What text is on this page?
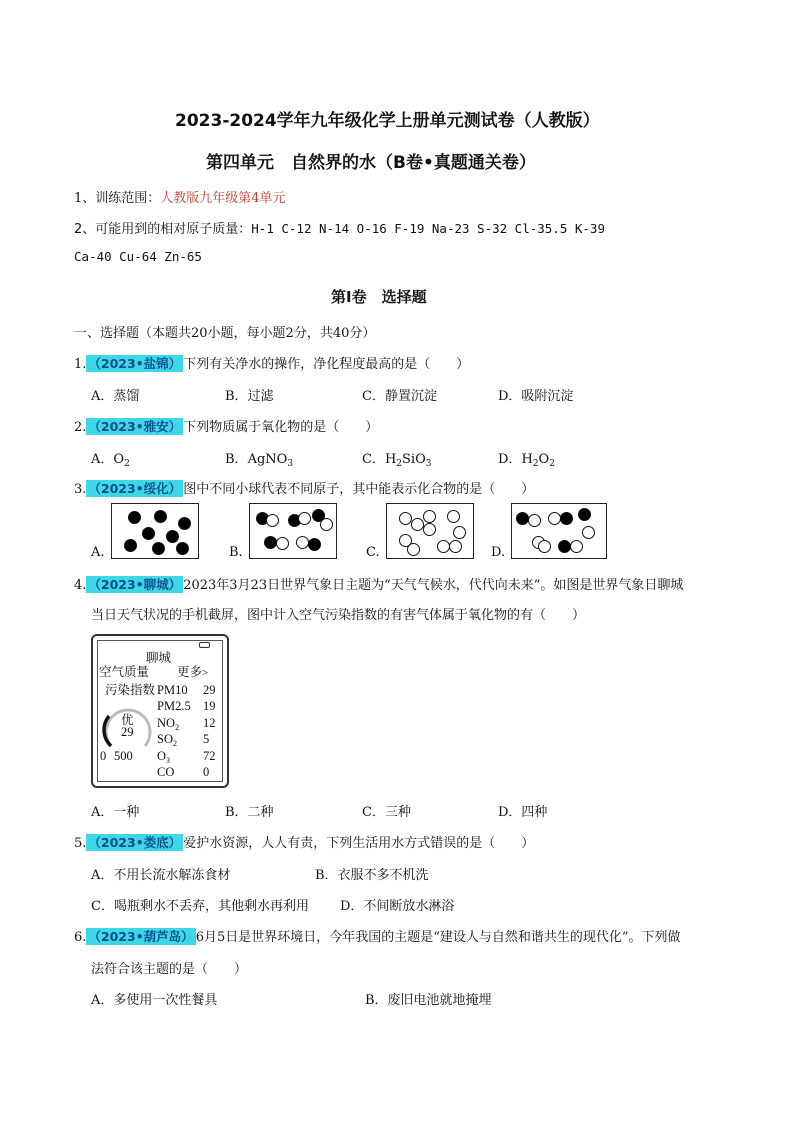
2023-2024学年九年级化学上册单元测试卷（人教版）
第四单元　自然界的水（B卷•真题通关卷）
1、训练范围：人教版九年级第4单元
2、可能用到的相对原子质量：H-1 C-12 N-14 O-16 F-19 Na-23 S-32 Cl-35.5 K-39
Ca-40 Cu-64 Zn-65
第Ⅰ卷　选择题
一、选择题（本题共20小题，每小题2分，共40分）
1. （2023•盐锦） 下列有关净水的操作，净化程度最高的是（　　）
A．蒸馏	B．过滤	C．静置沉淀	D．吸附沉淀
2. （2023•雅安） 下列物质属于氧化物的是（　　）
A．$O_2$	B．AgNO$_3$	C．$H_2SiO_3$	D．$H_2O_2$
3. （2023•绥化） 图中不同小球代表不同原子，其中能表示化合物的是（　　）
A.	B.	C.	D.
4. （2023•聊城） 2023年3月23日世界气象日主题为“天气气候水，代代向未来”。如图是世界气象日聊城
当日天气状况的手机截屏，图中计入空气污染指数的有害气体属于氧化物的有（　　）
聊城
空气质量 更多>
污染指数
优
29
0 500
PM10 29
PM2.5 19
$NO_2$ 12
$SO_2$ 5
$O_3$	72
CO 0
A．一种	B．二种	C．三种	D．四种
5. （2023•娄底） 爱护水资源，人人有责，下列生活用水方式错误的是（　　）
A．不用长流水解冻食材	B．衣服不多不机洗
C．喝瓶剩水不丢弃，其他剩水再利用 D．不间断放水淋浴
6. （2023•葫芦岛） 6月5日是世界环境日，今年我国的主题是“建设人与自然和谐共生的现代化”。下列做
法符合该主题的是（　　）
A．多使用一次性餐具	B．废旧电池就地掩埋
